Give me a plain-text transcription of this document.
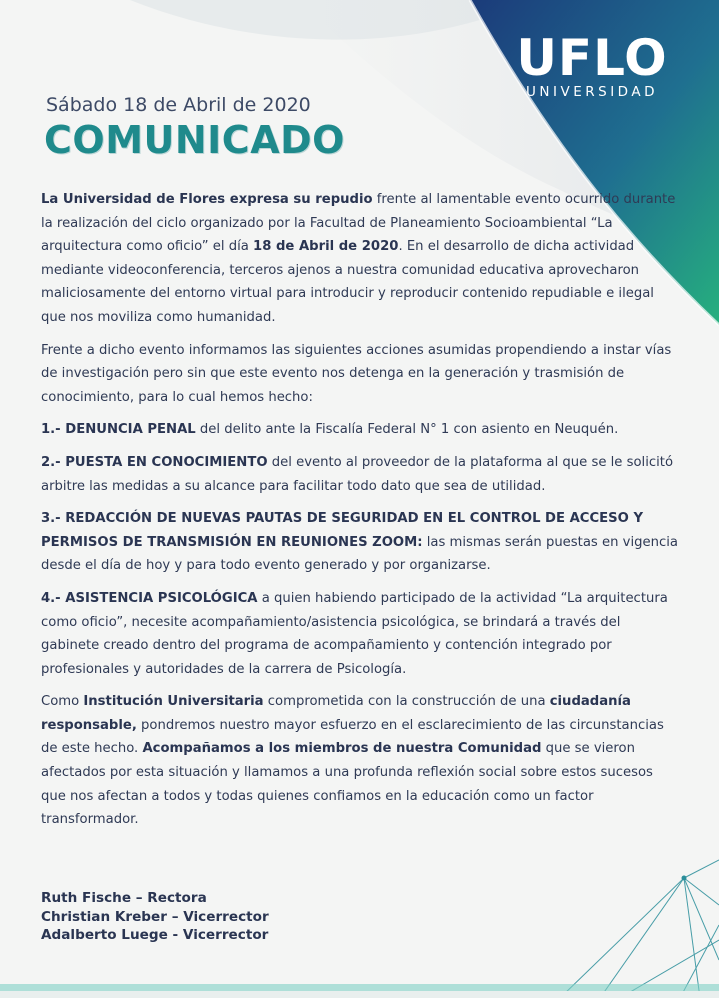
UFLO
UNIVERSIDAD
Sábado 18 de Abril de 2020
COMUNICADO

La Universidad de Flores expresa su repudio frente al lamentable evento ocurrido durante la realización del ciclo organizado por la Facultad de Planeamiento Socioambiental “La arquitectura como oficio” el día 18 de Abril de 2020. En el desarrollo de dicha actividad mediante videoconferencia, terceros ajenos a nuestra comunidad educativa aprovecharon maliciosamente del entorno virtual para introducir y reproducir contenido repudiable e ilegal que nos moviliza como humanidad.

Frente a dicho evento informamos las siguientes acciones asumidas propendiendo a instar vías de investigación pero sin que este evento nos detenga en la generación y trasmisión de conocimiento, para lo cual hemos hecho:

1.- DENUNCIA PENAL del delito ante la Fiscalía Federal N° 1 con asiento en Neuquén.

2.- PUESTA EN CONOCIMIENTO del evento al proveedor de la plataforma al que se le solicitó arbitre las medidas a su alcance para facilitar todo dato que sea de utilidad.

3.- REDACCIÓN DE NUEVAS PAUTAS DE SEGURIDAD EN EL CONTROL DE ACCESO Y PERMISOS DE TRANSMISIÓN EN REUNIONES ZOOM: las mismas serán puestas en vigencia desde el día de hoy y para todo evento generado y por organizarse.

4.- ASISTENCIA PSICOLÓGICA a quien habiendo participado de la actividad “La arquitectura como oficio”, necesite acompañamiento/asistencia psicológica, se brindará a través del gabinete creado dentro del programa de acompañamiento y contención integrado por profesionales y autoridades de la carrera de Psicología.

Como Institución Universitaria comprometida con la construcción de una ciudadanía responsable, pondremos nuestro mayor esfuerzo en el esclarecimiento de las circunstancias de este hecho. Acompañamos a los miembros de nuestra Comunidad que se vieron afectados por esta situación y llamamos a una profunda reflexión social sobre estos sucesos que nos afectan a todos y todas quienes confiamos en la educación como un factor transformador.

Ruth Fische – Rectora
Christian Kreber – Vicerrector
Adalberto Luege - Vicerrector
